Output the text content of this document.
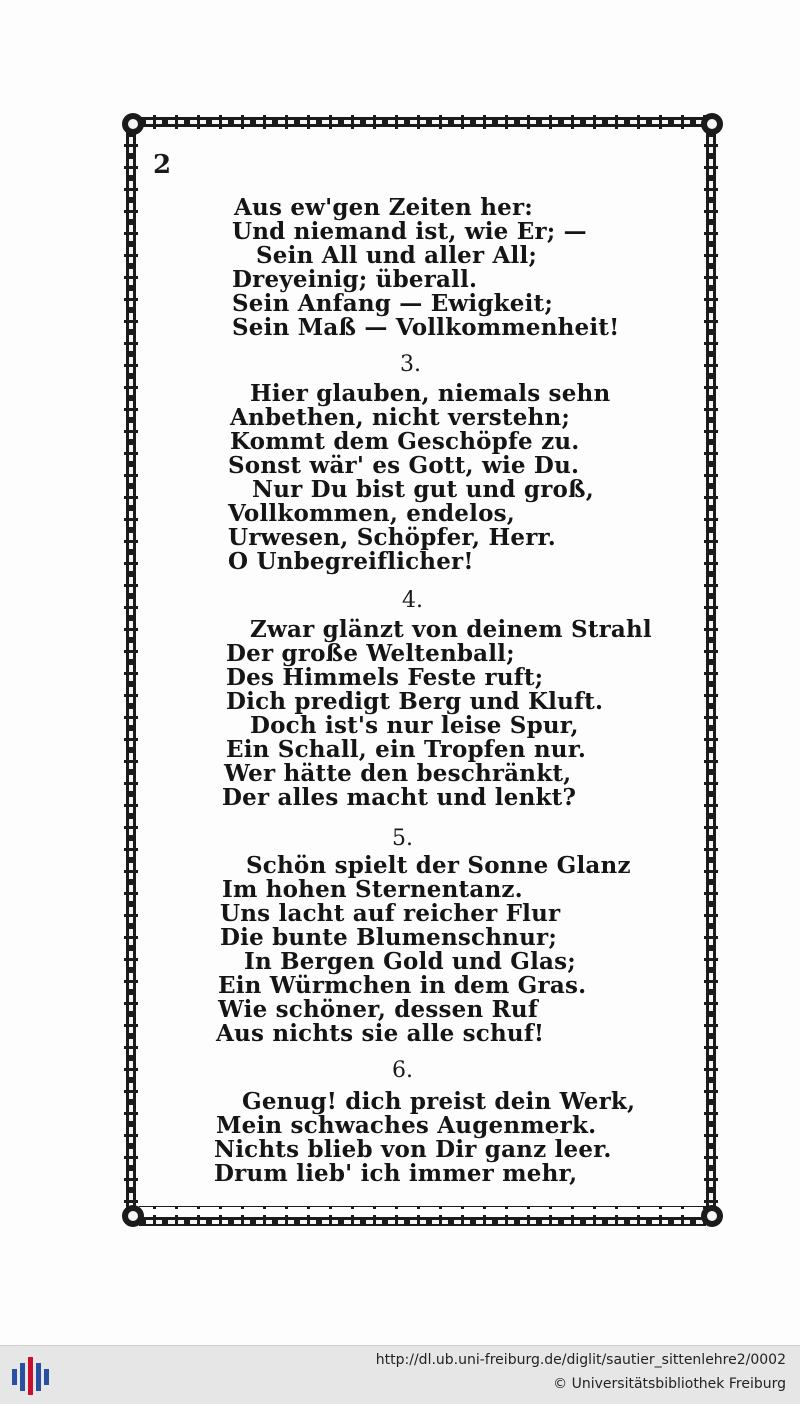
2
Aus ew'gen Zeiten her:
Und niemand ist, wie Er; —
Sein All und aller All;
Dreyeinig; überall.
Sein Anfang — Ewigkeit;
Sein Maß — Vollkommenheit!
3.
Hier glauben, niemals sehn
Anbethen, nicht verstehn;
Kommt dem Geschöpfe zu.
Sonst wär' es Gott, wie Du.
Nur Du bist gut und groß,
Vollkommen, endelos,
Urwesen, Schöpfer, Herr.
O Unbegreiflicher!
4.
Zwar glänzt von deinem Strahl
Der große Weltenball;
Des Himmels Feste ruft;
Dich predigt Berg und Kluft.
Doch ist's nur leise Spur,
Ein Schall, ein Tropfen nur.
Wer hätte den beschränkt,
Der alles macht und lenkt?
5.
Schön spielt der Sonne Glanz
Im hohen Sternentanz.
Uns lacht auf reicher Flur
Die bunte Blumenschnur;
In Bergen Gold und Glas;
Ein Würmchen in dem Gras.
Wie schöner, dessen Ruf
Aus nichts sie alle schuf!
6.
Genug! dich preist dein Werk,
Mein schwaches Augenmerk.
Nichts blieb von Dir ganz leer.
Drum lieb' ich immer mehr,
http://dl.ub.uni-freiburg.de/diglit/sautier_sittenlehre2/0002
© Universitätsbibliothek Freiburg
